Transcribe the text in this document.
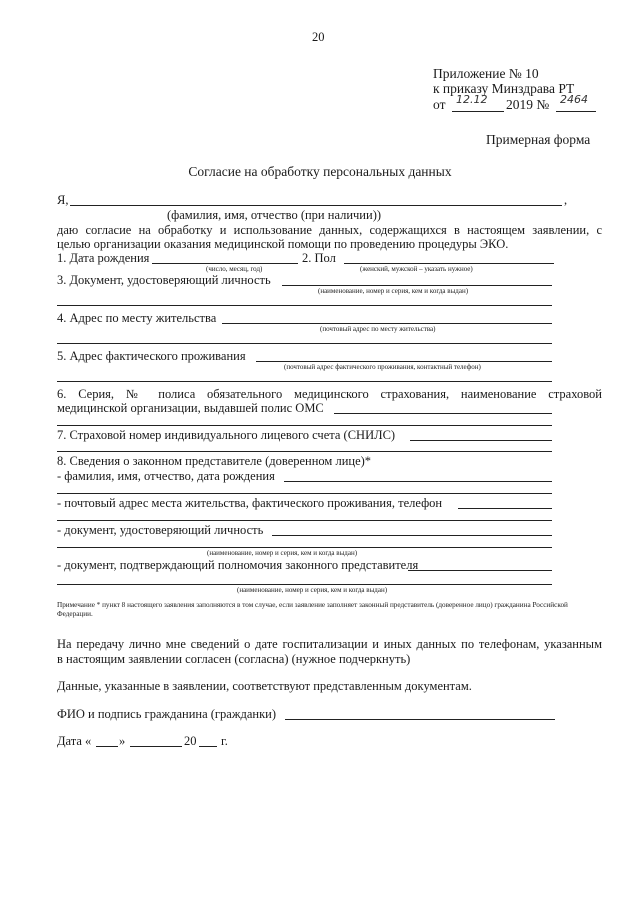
20
Приложение № 10
к приказу Минздрава РТ
от 12.12 2019 № 2464
Примерная форма
Согласие на обработку персональных данных
Я,	,
(фамилия, имя, отчество (при наличии))
даю согласие на обработку и использование данных, содержащихся в настоящем заявлении, с
целью организации оказания медицинской помощи по проведению процедуры ЭКО.
1. Дата рождения
(число, месяц, год)
2. Пол
(женский, мужской – указать нужное)
3. Документ, удостоверяющий личность
(наименование, номер и серия, кем и когда выдан)
4. Адрес по месту жительства
(почтовый адрес по месту жительства)
5. Адрес фактического проживания
(почтовый адрес фактического проживания, контактный телефон)
6. Серия, № полиса обязательного медицинского страхования, наименование страховой
медицинской организации, выдавшей полис ОМС
7. Страховой номер индивидуального лицевого счета (СНИЛС)
8. Сведения о законном представителе (доверенном лице)*
- фамилия, имя, отчество, дата рождения
- почтовый адрес места жительства, фактического проживания, телефон
- документ, удостоверяющий личность
(наименование, номер и серия, кем и когда выдан)
- документ, подтверждающий полномочия законного представителя
(наименование, номер и серия, кем и когда выдан)
Примечание * пункт 8 настоящего заявления заполняются в том случае, если заявление заполняет законный представитель (доверенное лицо) гражданина Российской Федерации.
На передачу лично мне сведений о дате госпитализации и иных данных по телефонам, указанным
в настоящим заявлении согласен (согласна) (нужное подчеркнуть)
Данные, указанные в заявлении, соответствуют представленным документам.
ФИО и подпись гражданина (гражданки)
Дата « »	20 г.
